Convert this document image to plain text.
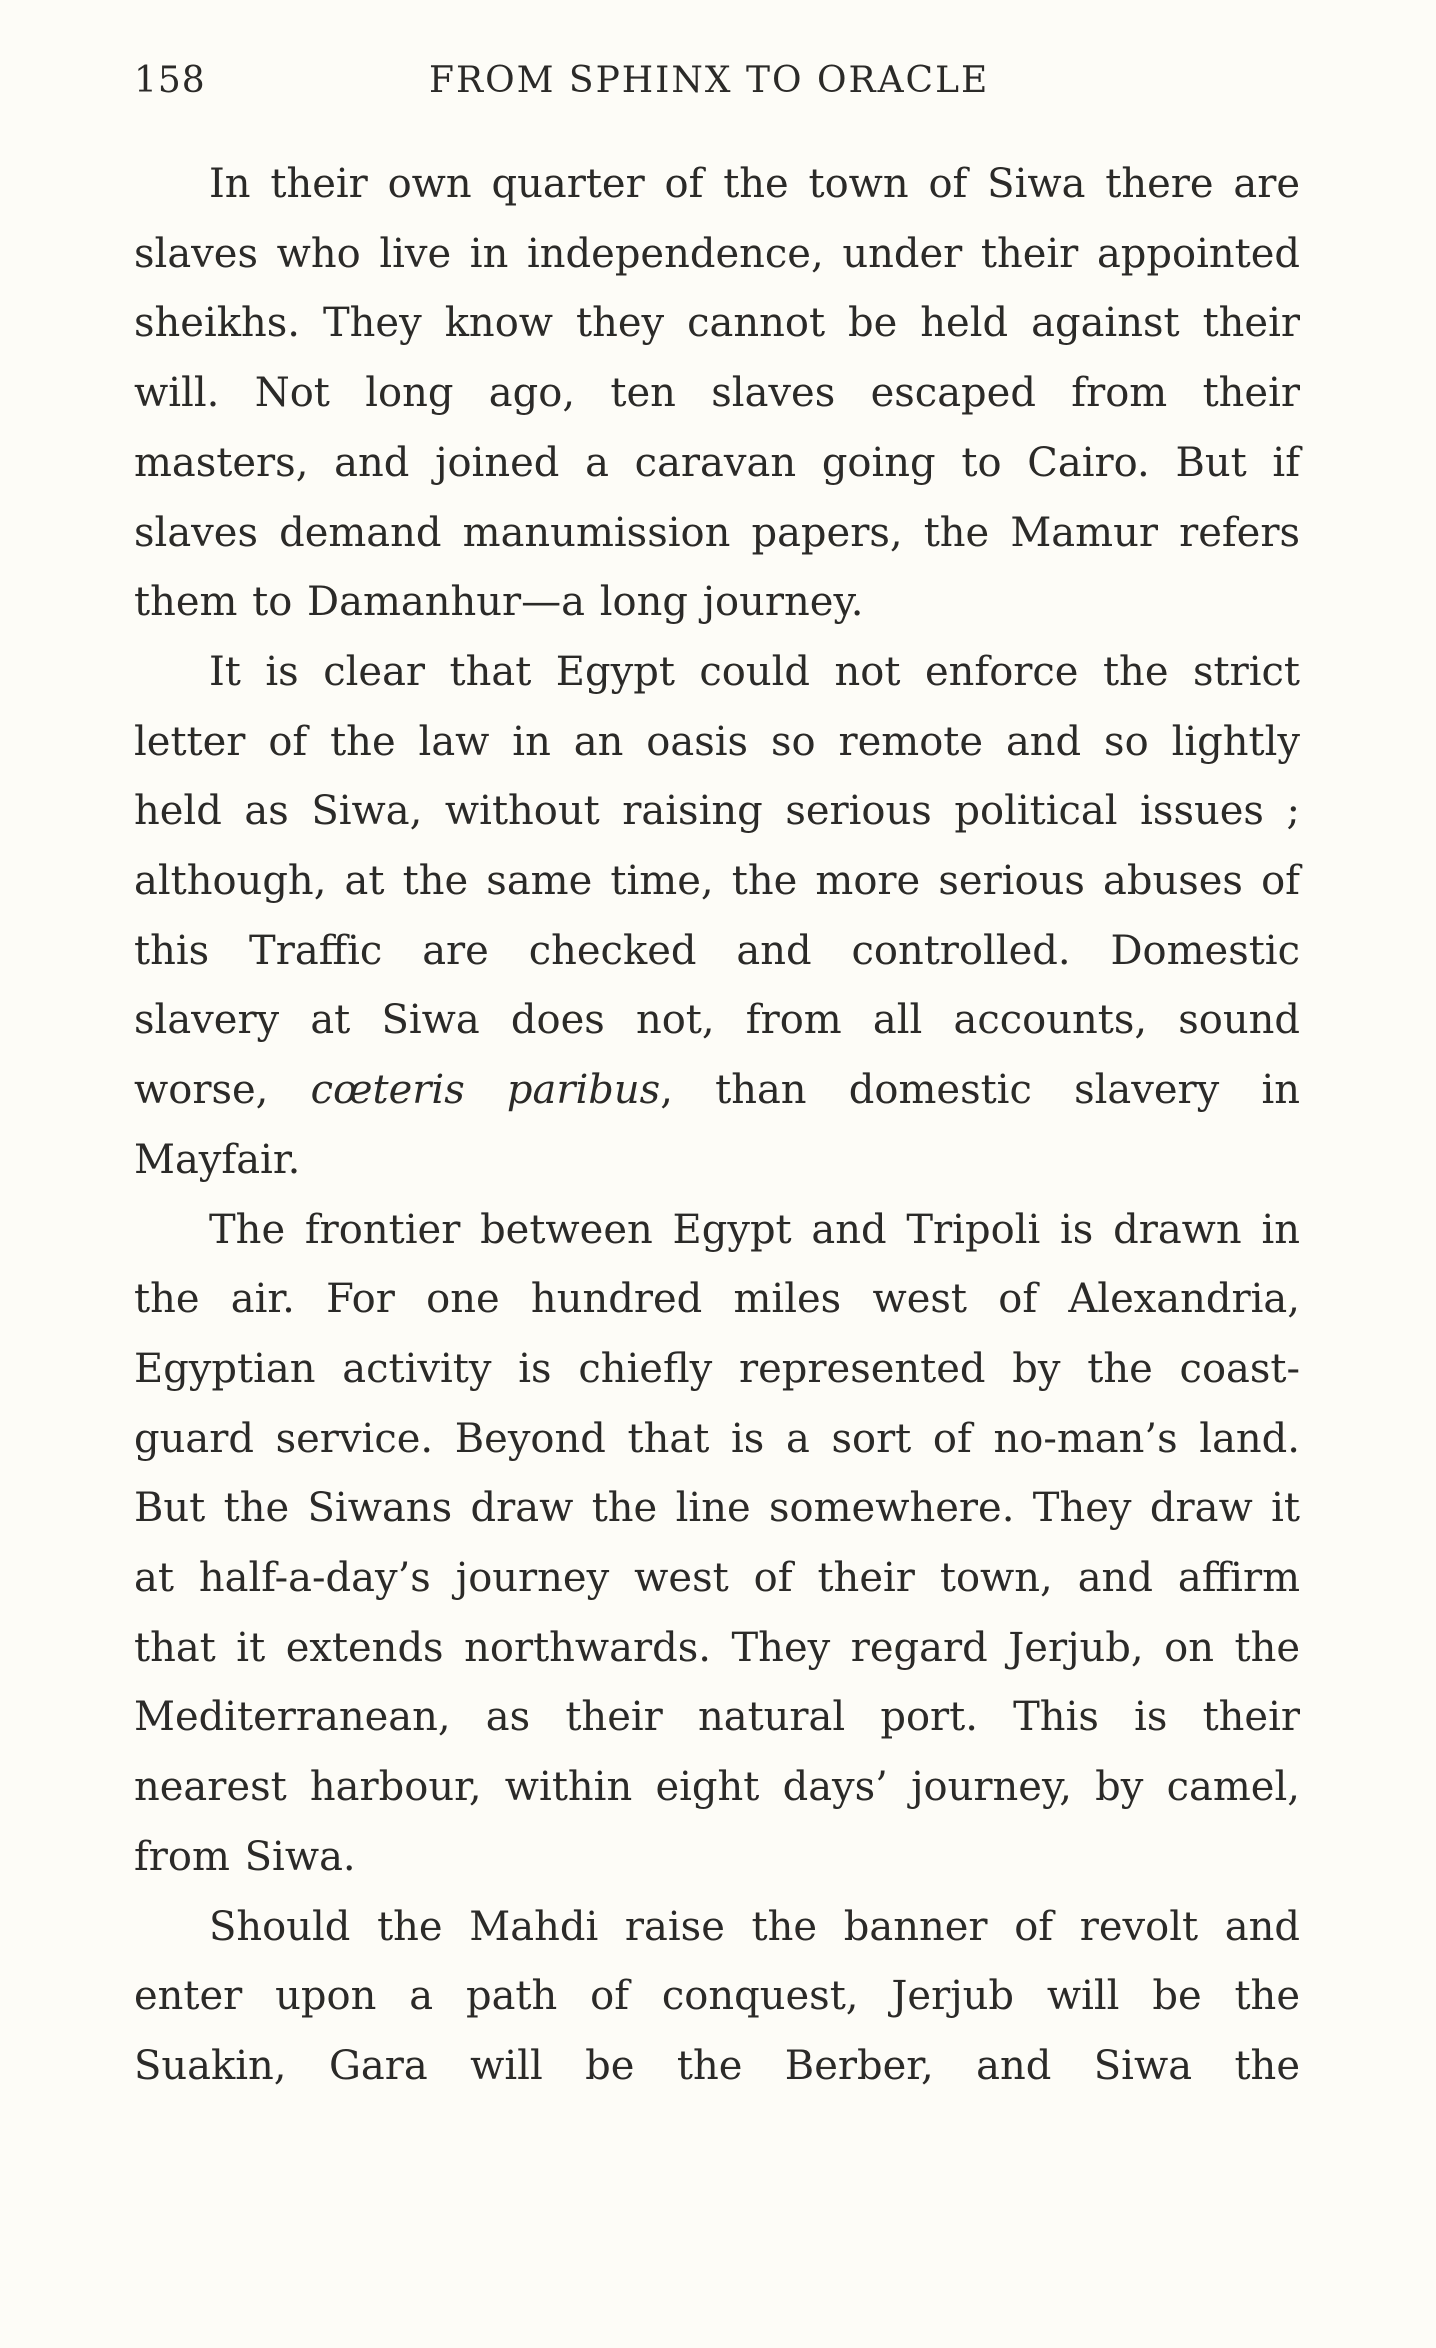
158	FROM SPHINX TO ORACLE

In their own quarter of the town of Siwa there are slaves who live in independence, under their appointed sheikhs. They know they cannot be held against their will. Not long ago, ten slaves escaped from their masters, and joined a caravan going to Cairo. But if slaves demand manumission papers, the Mamur refers them to Damanhur—a long journey.

It is clear that Egypt could not enforce the strict letter of the law in an oasis so remote and so lightly held as Siwa, without raising serious political issues ; although, at the same time, the more serious abuses of this Traffic are checked and controlled. Domestic slavery at Siwa does not, from all accounts, sound worse, cœteris paribus, than domestic slavery in Mayfair.

The frontier between Egypt and Tripoli is drawn in the air. For one hundred miles west of Alexandria, Egyptian activity is chiefly represented by the coast-guard service. Beyond that is a sort of no-man’s land. But the Siwans draw the line somewhere. They draw it at half-a-day’s journey west of their town, and affirm that it extends northwards. They regard Jerjub, on the Mediterranean, as their natural port. This is their nearest harbour, within eight days’ journey, by camel, from Siwa.

Should the Mahdi raise the banner of revolt and enter upon a path of conquest, Jerjub will be the Suakin, Gara will be the Berber, and Siwa the
